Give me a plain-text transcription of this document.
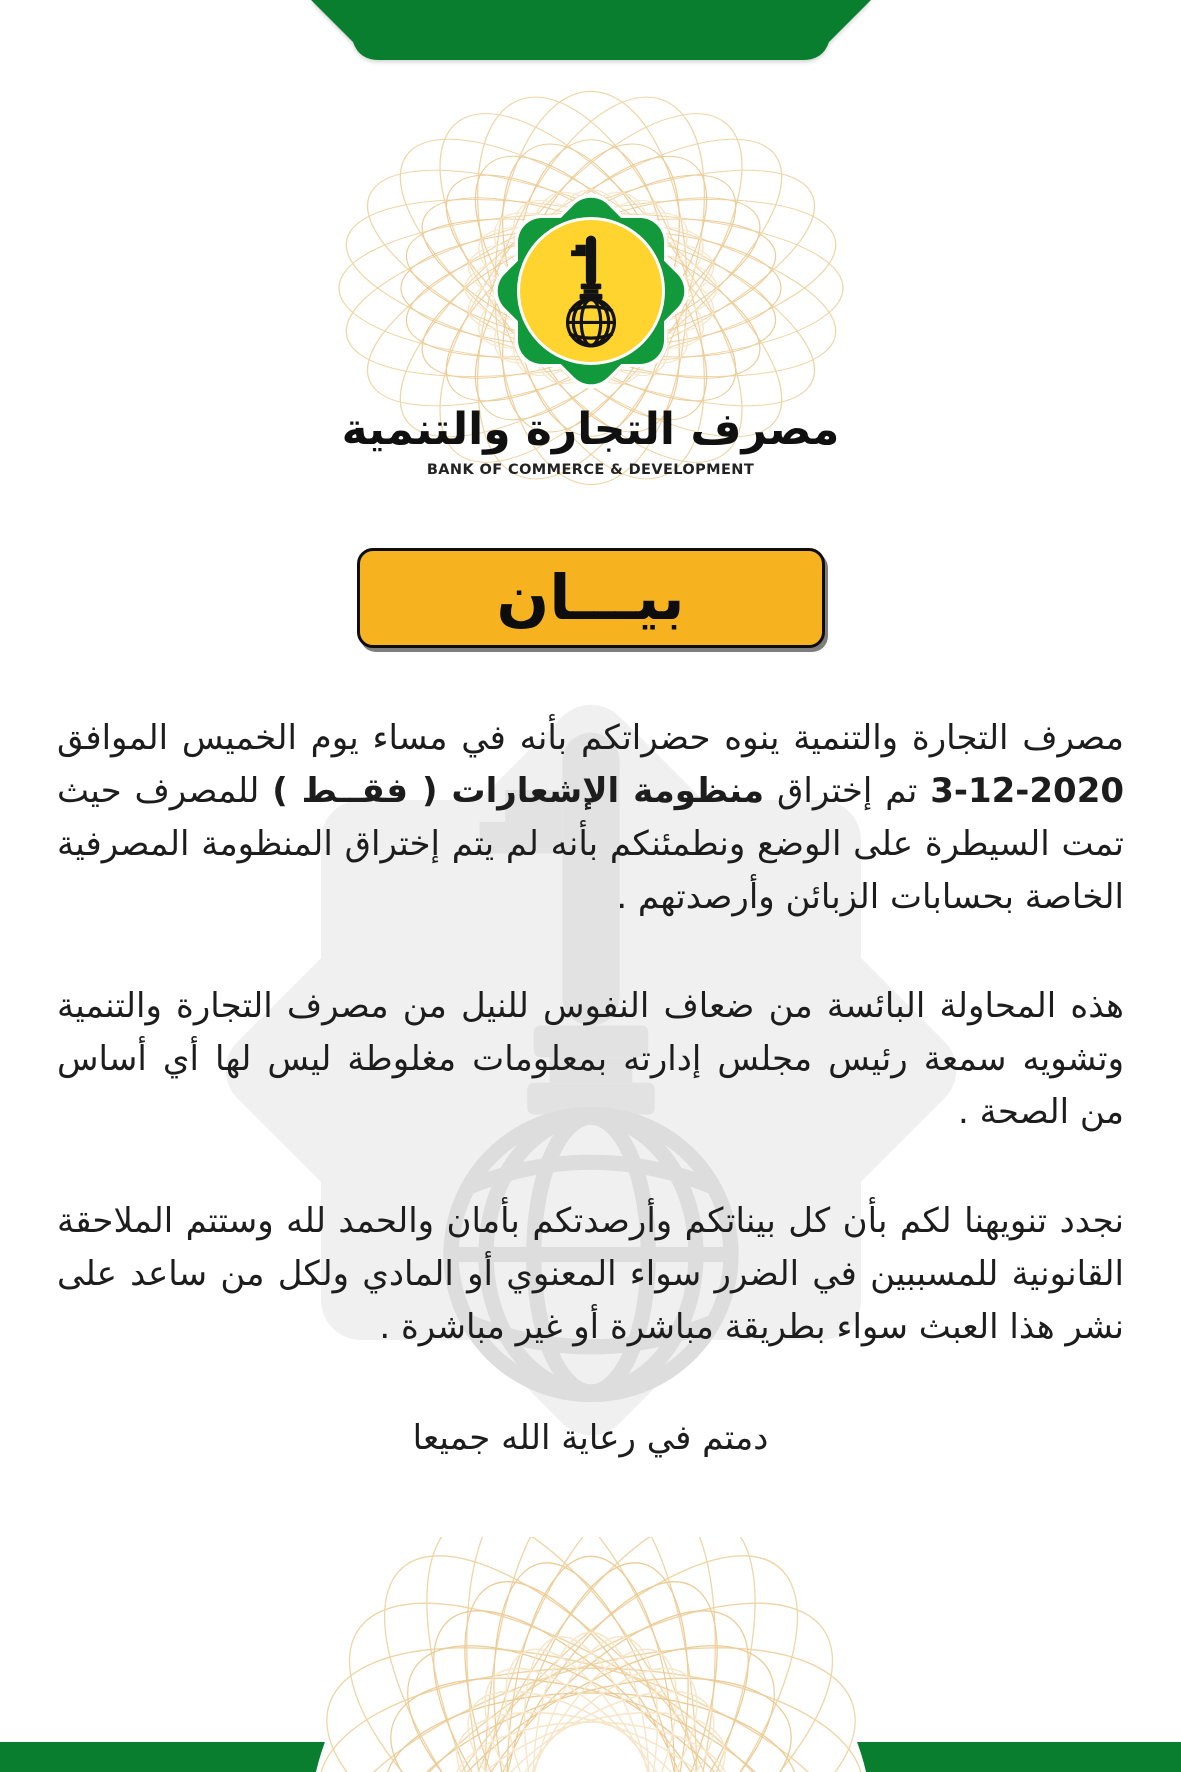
مصرف التجارة والتنمية
BANK OF COMMERCE & DEVELOPMENT
بيـــان

مصرف التجارة والتنمية ينوه حضراتكم بأنه في مساء يوم الخميس الموافق 3-12-2020 تم إختراق منظومة الإشعارات ( فقــط ) للمصرف حيث تمت السيطرة على الوضع ونطمئنكم بأنه لم يتم إختراق المنظومة المصرفية الخاصة بحسابات الزبائن وأرصدتهم .

هذه المحاولة البائسة من ضعاف النفوس للنيل من مصرف التجارة والتنمية وتشويه سمعة رئيس مجلس إدارته بمعلومات مغلوطة ليس لها أي أساس من الصحة .

نجدد تنويهنا لكم بأن كل بيناتكم وأرصدتكم بأمان والحمد لله وستتم الملاحقة القانونية للمسببين في الضرر سواء المعنوي أو المادي ولكل من ساعد على نشر هذا العبث سواء بطريقة مباشرة أو غير مباشرة .

دمتم في رعاية الله جميعا
